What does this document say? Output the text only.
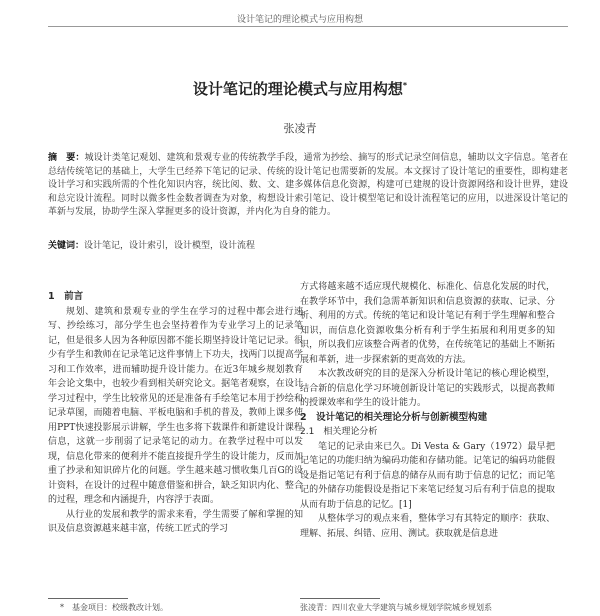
设计笔记的理论模式与应用构想
设计笔记的理论模式与应用构想*
张凌青
摘　要：城设计类笔记观划、建筑和景观专业的传统教学手段，通常为抄绘、摘写的形式记录空间信息，辅助以文字信息。笔者在总结传统笔记的基础上，大学生已经养下笔记的记录、传统的设计笔记也需要新的发展。本文探讨了设计笔记的重要性，即构建老设计学习和实践所需的个性化知识内容，统比阅、数、文、建多媒体信息化资源，构建可已建规的设计资源网络和设计世界，建设和总完设计流程。同时以微多性金数者调查为对象，构想设计索引笔记、设计模型笔记和设计流程笔记的应用，以进深设计笔记的革新与发展，协助学生深入掌握更多的设计资源，并内化为自身的能力。
关键词：设计笔记，设计索引，设计模型，设计流程

1　前言

规划、建筑和景观专业的学生在学习的过程中都会进行速写、抄绘练习，部分学生也会坚持着作为专业学习上的记录笔记，但是很多人因为各种原因都不能长期坚持设计笔记记录。很少有学生和教师在记录笔记这件事情上下功夫，找两门以提高学习和工作效率，进而辅助提升设计能力。在近3年城乡规划教育年会论文集中，也较少看到相关研究论文。据笔者观察，在设计学习过程中，学生比较常见的还是准备有手绘笔记本用于抄绘和记录草图，而随着电脑、平板电脑和手机的普及，教师上课多使用PPT快速投影展示讲解，学生也多将下载课件和新建设计课程信息，这就一步削弱了记录笔记的动力。在教学过程中可以发现，信息化带来的便利并不能直接提升学生的设计能力，反而加重了抄录和知识碎片化的问题。学生越来越习惯收集几百G的设计资料，在设计的过程中随意借鉴和拼合，缺乏知识内化、整合的过程，理念和内涵提升，内容浮于表面。

从行业的发展和教学的需求来看，学生需要了解和掌握的知识及信息资源越来越丰富，传统工匠式的学习

方式将越来越不适应现代规模化、标准化、信息化发展的时代，在教学环节中，我们急需革新知识和信息资源的获取、记录、分析、利用的方式。传统的笔记和设计笔记有利于学生理解和整合知识，而信息化资源收集分析有利于学生拓展和利用更多的知识，所以我们应该整合两者的优势，在传统笔记的基础上不断拓展和革新，进一步探索新的更高效的方法。

本次教改研究的目的是深入分析设计笔记的核心理论模型，结合新的信息化学习环境创新设计笔记的实践形式，以提高教师的授课效率和学生的设计能力。

2　设计笔记的相关理论分析与创新模型构建

2.1　相关理论分析

笔记的记录由来已久。Di Vesta & Gary（1972）最早把记笔记的功能归纳为编码功能和存储功能。记笔记的编码功能假设是指记笔记有利于信息的储存从而有助于信息的记忆；而记笔记的外储存功能假设是指记下来笔记经复习后有利于信息的提取从而有助于信息的记忆。[1]

从整体学习的观点来看，整体学习有其特定的顺序：获取、理解、拓展、纠错、应用、测试。获取就是信息进

*　基金项目：校级教改计划。	张凌青：四川农业大学建筑与城乡规划学院城乡规划系
